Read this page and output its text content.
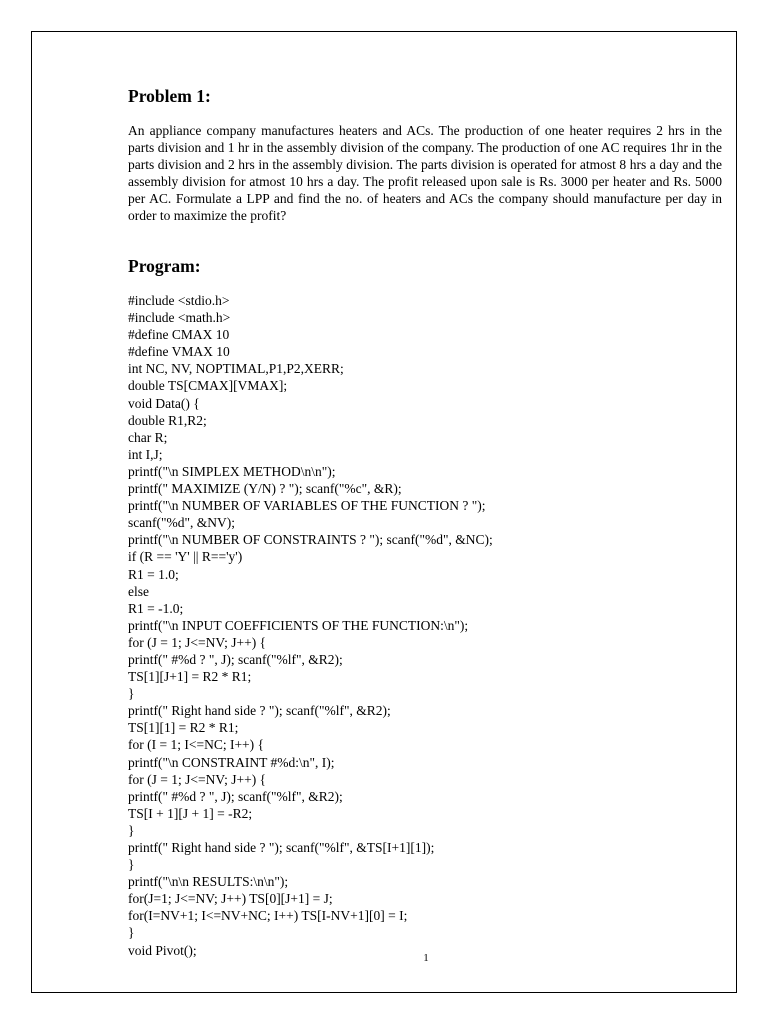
Problem 1:

An appliance company manufactures heaters and ACs. The production of one heater requires 2 hrs in the parts division and 1 hr in the assembly division of the company. The production of one AC requires 1hr in the parts division and 2 hrs in the assembly division. The parts division is operated for atmost 8 hrs a day and the assembly division for atmost 10 hrs a day. The profit released upon sale is Rs. 3000 per heater and Rs. 5000 per AC. Formulate a LPP and find the no. of heaters and ACs the company should manufacture per day in order to maximize the profit?

Program:
#include <stdio.h>
#include <math.h>
#define CMAX 10
#define VMAX 10
int NC, NV, NOPTIMAL,P1,P2,XERR;
double TS[CMAX][VMAX];
void Data() {
double R1,R2;
char R;
int I,J;
printf("\n SIMPLEX METHOD\n\n");
printf(" MAXIMIZE (Y/N) ? "); scanf("%c", &R);
printf("\n NUMBER OF VARIABLES OF THE FUNCTION ? ");
scanf("%d", &NV);
printf("\n NUMBER OF CONSTRAINTS ? "); scanf("%d", &NC);
if (R == 'Y' || R=='y')
R1 = 1.0;
else
R1 = -1.0;
printf("\n INPUT COEFFICIENTS OF THE FUNCTION:\n");
for (J = 1; J<=NV; J++) {
printf(" #%d ? ", J); scanf("%lf", &R2);
TS[1][J+1] = R2 * R1;
}
printf(" Right hand side ? "); scanf("%lf", &R2);
TS[1][1] = R2 * R1;
for (I = 1; I<=NC; I++) {
printf("\n CONSTRAINT #%d:\n", I);
for (J = 1; J<=NV; J++) {
printf(" #%d ? ", J); scanf("%lf", &R2);
TS[I + 1][J + 1] = -R2;
}
printf(" Right hand side ? "); scanf("%lf", &TS[I+1][1]);
}
printf("\n\n RESULTS:\n\n");
for(J=1; J<=NV; J++) TS[0][J+1] = J;
for(I=NV+1; I<=NV+NC; I++) TS[I-NV+1][0] = I;
}
void Pivot();
1
